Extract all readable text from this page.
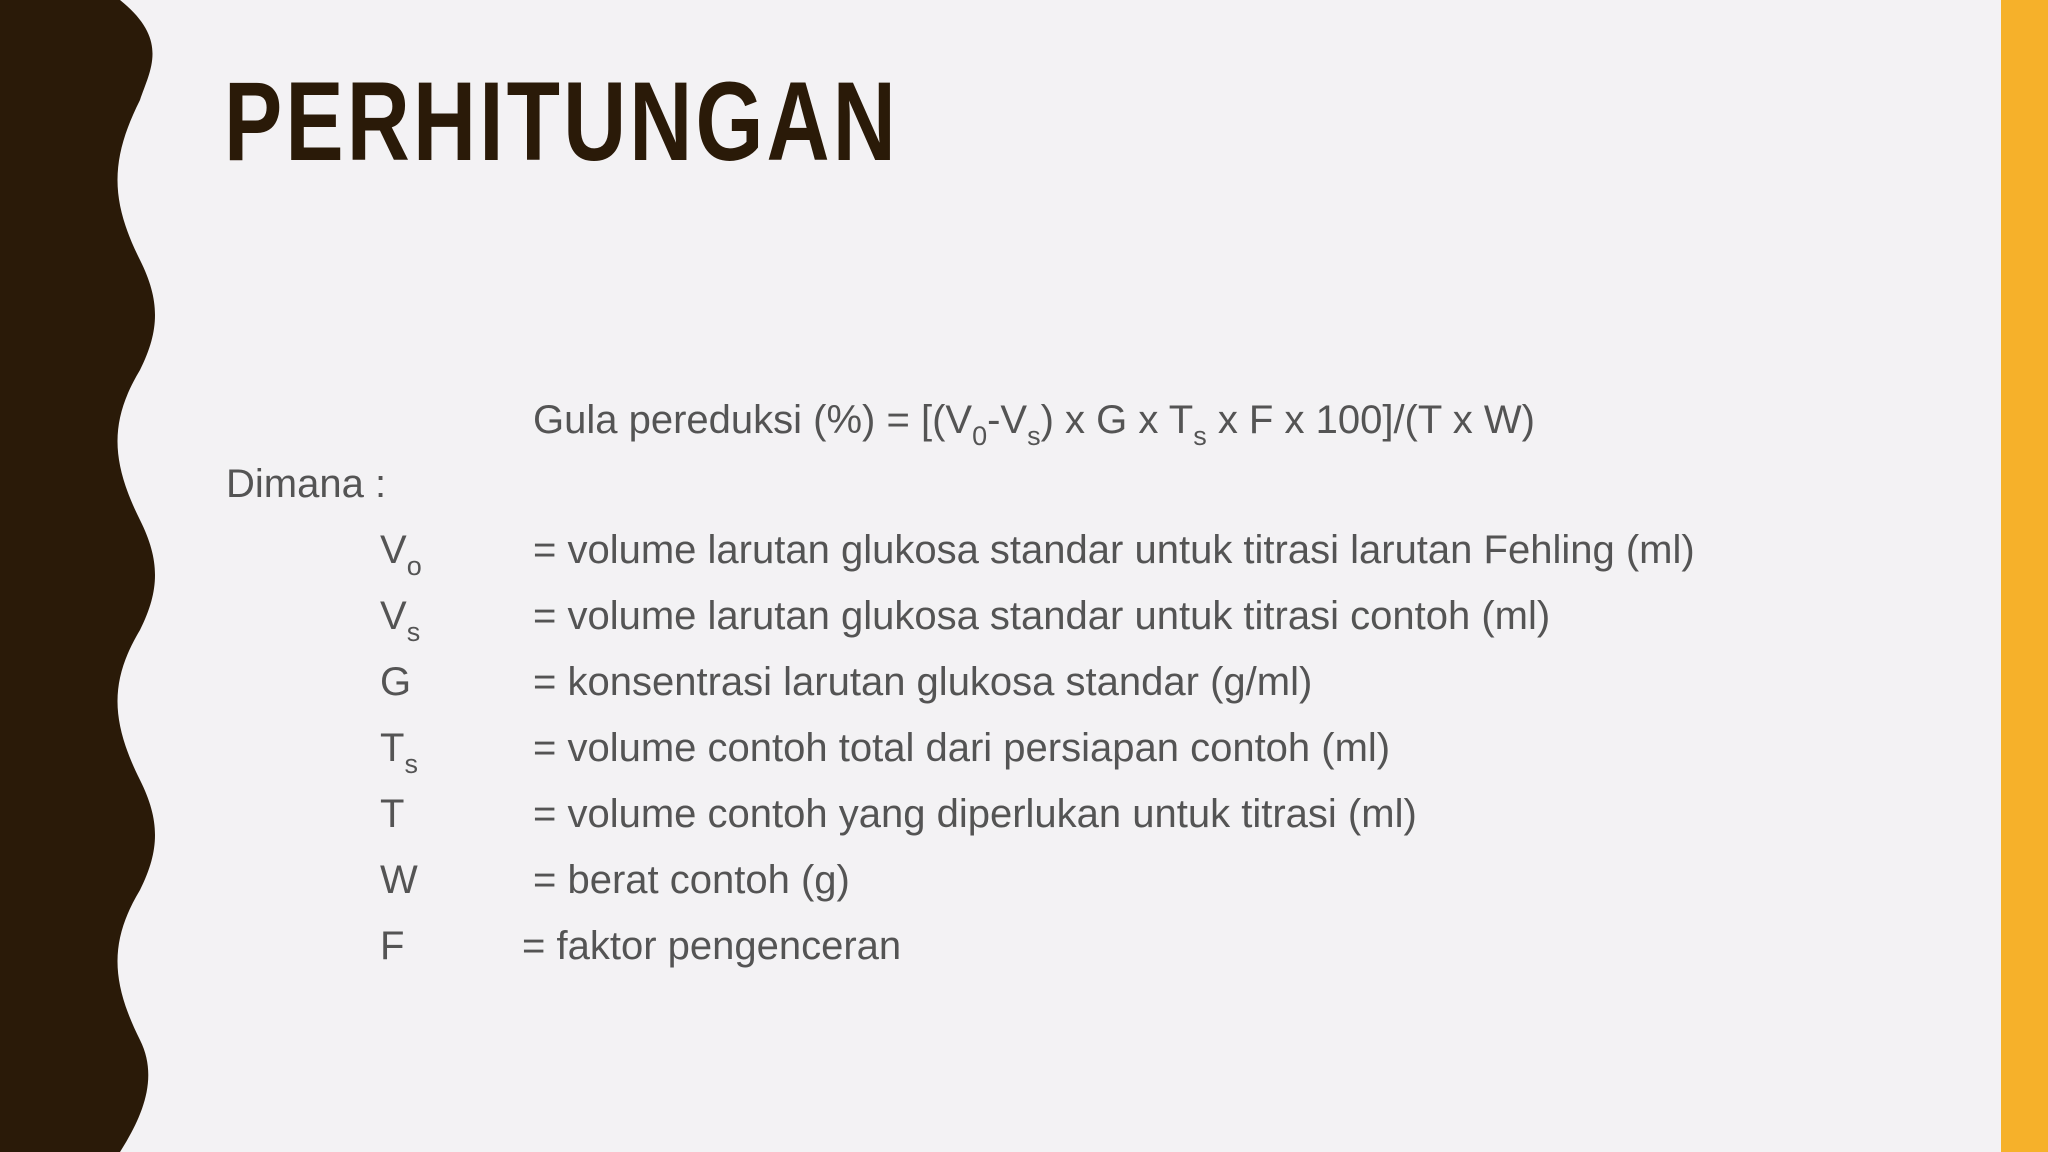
PERHITUNGAN
Gula pereduksi (%) = [$(V_0-V_s)$ x G x $T_s$ x F x 100]/(T x W)
Dimana :
$V_o$	= volume larutan glukosa standar untuk titrasi larutan Fehling (ml)
$V_s$	= volume larutan glukosa standar untuk titrasi contoh (ml)
G	= konsentrasi larutan glukosa standar (g/ml)
$T_s$	= volume contoh total dari persiapan contoh (ml)
T	= volume contoh yang diperlukan untuk titrasi (ml)
W	= berat contoh (g)
F	= faktor pengenceran
